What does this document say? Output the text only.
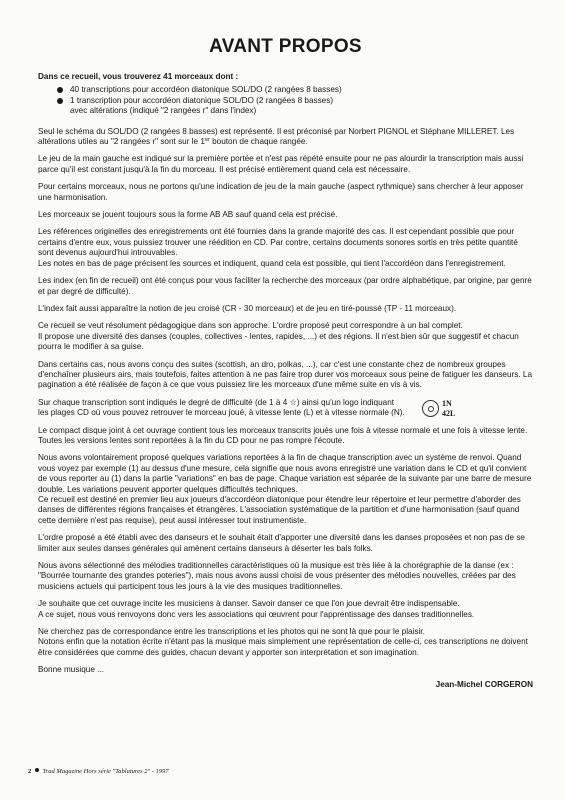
AVANT PROPOS
Dans ce recueil, vous trouverez 41 morceaux dont :
40 transcriptions pour accordéon diatonique SOL/DO (2 rangées 8 basses)
1 transcription pour accordéon diatonique SOL/DO (2 rangées 8 basses)
avec altérations (indiqué "2 rangées r" dans l'index)

Seul le schéma du SOL/DO (2 rangées 8 basses) est représenté. Il est préconisé par Norbert PIGNOL et Stéphane MILLERET. Les altérations utiles au "2 rangées r" sont sur le 1er bouton de chaque rangée.

Le jeu de la main gauche est indiqué sur la première portée et n'est pas répété ensuite pour ne pas alourdir la transcription mais aussi parce qu'il est constant jusqu'à la fin du morceau. Il est précisé entièrement quand cela est nécessaire.

Pour certains morceaux, nous ne portons qu'une indication de jeu de la main gauche (aspect rythmique) sans chercher à leur apposer une harmonisation.

Les morceaux se jouent toujours sous la forme AB AB sauf quand cela est précisé.

Les références originelles des enregistrements ont été fournies dans la grande majorité des cas. Il est cependant possible que pour certains d'entre eux, vous puissiez trouver une réédition en CD. Par contre, certains documents sonores sortis en très petite quantité sont devenus aujourd'hui introuvables.
Les notes en bas de page précisent les sources et indiquent, quand cela est possible, qui tient l'accordéon dans l'enregistrement.

Les index (en fin de recueil) ont été conçus pour vous faciliter la recherche des morceaux (par ordre alphabétique, par origine, par genre et par degré de difficulté).

L'index fait aussi apparaître la notion de jeu croisé (CR - 30 morceaux) et de jeu en tiré-poussé (TP - 11 morceaux).

Ce recueil se veut résolument pédagogique dans son approche. L'ordre proposé peut correspondre à un bal complet.
Il propose une diversité des danses (couples, collectives - lentes, rapides, ...) et des régions. Il n'est bien sûr que suggestif et chacun pourra le modifier à sa guise.

Dans certains cas, nous avons conçu des suites (scottish, an dro, polkas, ...), car c'est une constante chez de nombreux groupes d'enchaîner plusieurs airs, mais toutefois, faites attention à ne pas faire trop durer vos morceaux sous peine de fatiguer les danseurs. La pagination a été réalisée de façon à ce que vous puissiez lire les morceaux d'une même suite en vis à vis.

Sur chaque transcription sont indiqués le degré de difficulté (de 1 à 4 ☆) ainsi qu'un logo indiquant
les plages CD où vous pouvez retrouver le morceau joué, à vitesse lente (L) et à vitesse normale (N).
1N
42L

Le compact disque joint à cet ouvrage contient tous les morceaux transcrits joués une fois à vitesse normale et une fois à vitesse lente. Toutes les versions lentes sont reportées à la fin du CD pour ne pas rompre l'écoute.

Nous avons volontairement proposé quelques variations reportées à la fin de chaque transcription avec un système de renvoi. Quand vous voyez par exemple (1) au dessus d'une mesure, cela signifie que nous avons enregistré une variation dans le CD et qu'il convient de vous reporter au (1) dans la partie "variations" en bas de page. Chaque variation est séparée de la suivante par une barre de mesure double. Les variations peuvent apporter quelques difficultés techniques.
Ce recueil est destiné en premier lieu aux joueurs d'accordéon diatonique pour étendre leur répertoire et leur permettre d'aborder des danses de différentes régions françaises et étrangères. L'association systématique de la partition et d'une harmonisation (sauf quand cette dernière n'est pas requise), peut aussi intéresser tout instrumentiste.

L'ordre proposé a été établi avec des danseurs et le souhait était d'apporter une diversité dans les danses proposées et non pas de se limiter aux seules danses générales qui amènent certains danseurs à déserter les bals folks.

Nous avons sélectionné des mélodies traditionnelles caractéristiques où la musique est très liée à la chorégraphie de la danse (ex : "Bourrée tournante des grandes poteries"), mais nous avons aussi choisi de vous présenter des mélodies nouvelles, créées par des musiciens actuels qui participent tous les jours à la vie des musiques traditionnelles.

Je souhaite que cet ouvrage incite les musiciens à danser. Savoir danser ce que l'on joue devrait être indispensable.
A ce sujet, nous vous renvoyons donc vers les associations qui œuvrent pour l'apprentissage des danses traditionnelles.

Ne cherchez pas de correspondance entre les transcriptions et les photos qui ne sont là que pour le plaisir.
Notons enfin que la notation écrite n'étant pas la musique mais simplement une représentation de celle-ci, ces transcriptions ne doivent être considérées que comme des guides, chacun devant y apporter son interprétation et son imagination.

Bonne musique ...

Jean-Michel CORGERON
2 Trad Magazine Hors série "Tablatures 2" - 1997
